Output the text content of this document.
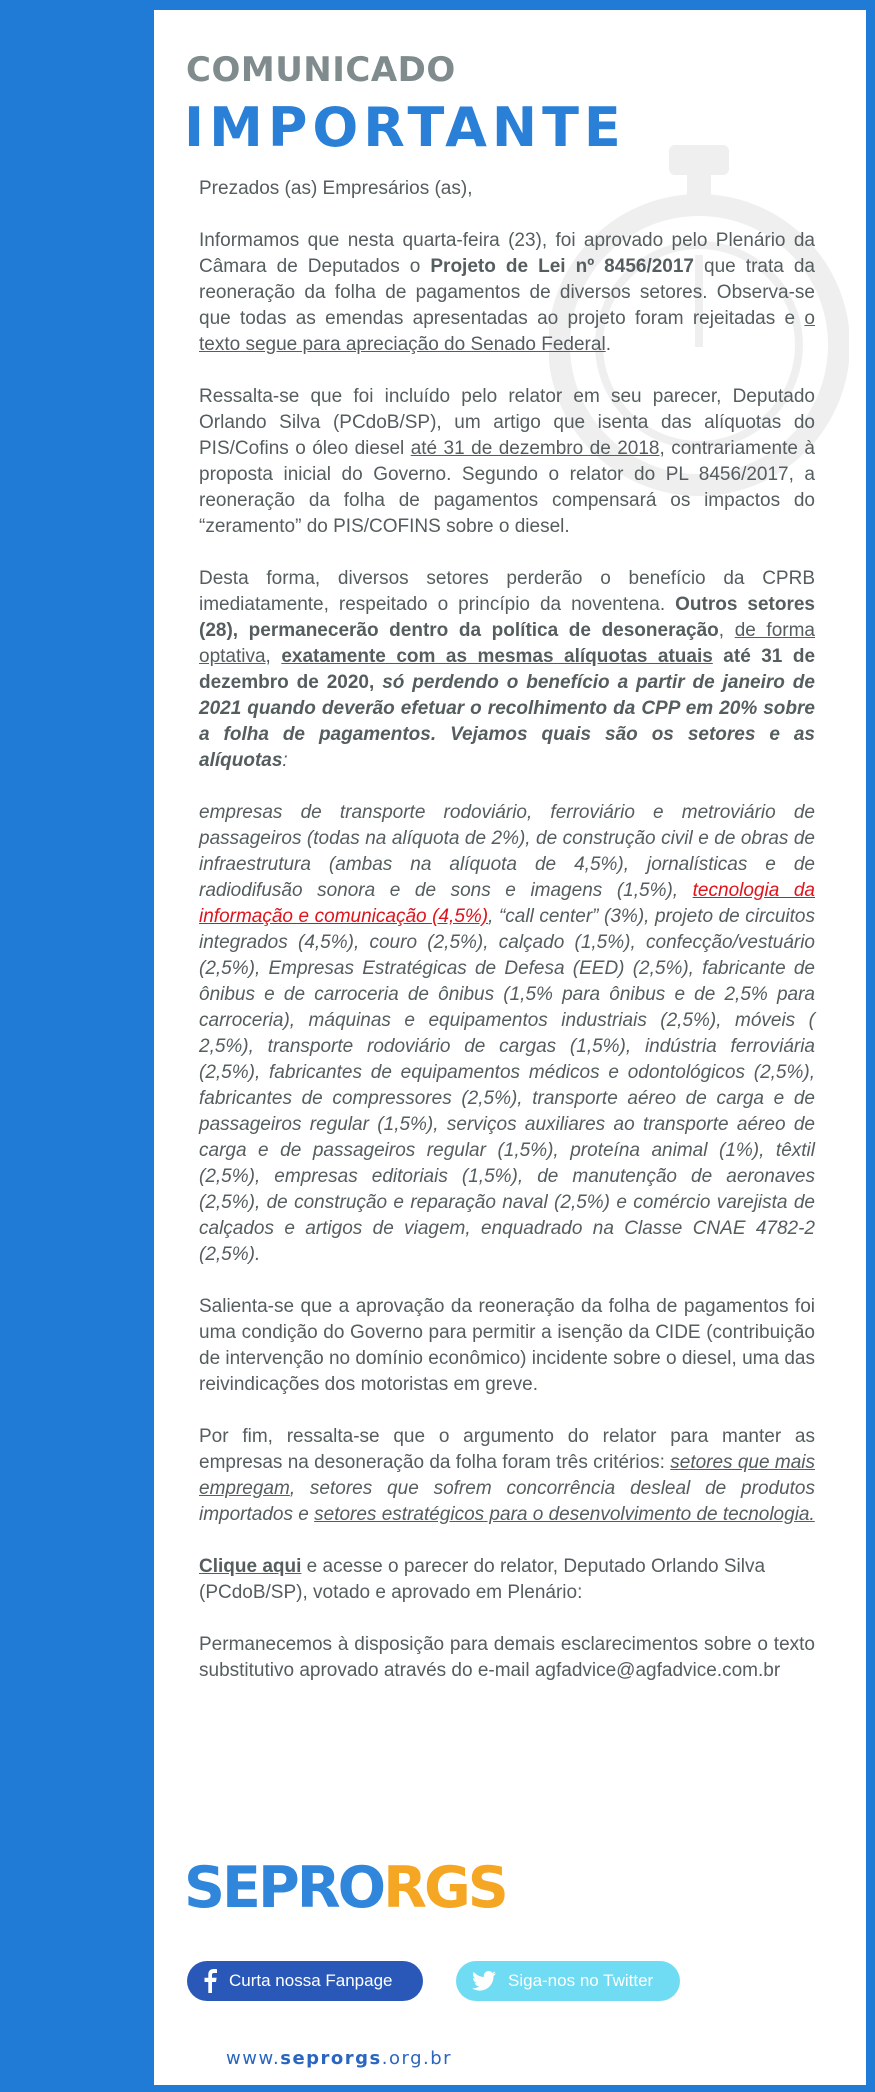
COMUNICADO
IMPORTANTE

Prezados (as) Empresários (as),

Informamos que nesta quarta-feira (23), foi aprovado pelo Plenário da Câmara de Deputados o Projeto de Lei nº 8456/2017 que trata da reoneração da folha de pagamentos de diversos setores. Observa-se que todas as emendas apresentadas ao projeto foram rejeitadas e o texto segue para apreciação do Senado Federal.

Ressalta-se que foi incluído pelo relator em seu parecer, Deputado Orlando Silva (PCdoB/SP), um artigo que isenta das alíquotas do PIS/Cofins o óleo diesel até 31 de dezembro de 2018, contrariamente à proposta inicial do Governo. Segundo o relator do PL 8456/2017, a reoneração da folha de pagamentos compensará os impactos do “zeramento” do PIS/COFINS sobre o diesel.

Desta forma, diversos setores perderão o benefício da CPRB imediatamente, respeitado o princípio da noventena. Outros setores (28), permanecerão dentro da política de desoneração, de forma optativa, exatamente com as mesmas alíquotas atuais até 31 de dezembro de 2020, só perdendo o benefício a partir de janeiro de 2021 quando deverão efetuar o recolhimento da CPP em 20% sobre a folha de pagamentos. Vejamos quais são os setores e as alíquotas:

empresas de transporte rodoviário, ferroviário e metroviário de passageiros (todas na alíquota de 2%), de construção civil e de obras de infraestrutura (ambas na alíquota de 4,5%), jornalísticas e de radiodifusão sonora e de sons e imagens (1,5%), tecnologia da informação e comunicação (4,5%), “call center” (3%), projeto de circuitos integrados (4,5%), couro (2,5%), calçado (1,5%), confecção/vestuário (2,5%), Empresas Estratégicas de Defesa (EED) (2,5%), fabricante de ônibus e de carroceria de ônibus (1,5% para ônibus e de 2,5% para carroceria), máquinas e equipamentos industriais (2,5%), móveis ( 2,5%), transporte rodoviário de cargas (1,5%), indústria ferroviária (2,5%), fabricantes de equipamentos médicos e odontológicos (2,5%), fabricantes de compressores (2,5%), transporte aéreo de carga e de passageiros regular (1,5%), serviços auxiliares ao transporte aéreo de carga e de passageiros regular (1,5%), proteína animal (1%), têxtil (2,5%), empresas editoriais (1,5%), de manutenção de aeronaves (2,5%), de construção e reparação naval (2,5%) e comércio varejista de calçados e artigos de viagem, enquadrado na Classe CNAE 4782-2 (2,5%).

Salienta-se que a aprovação da reoneração da folha de pagamentos foi uma condição do Governo para permitir a isenção da CIDE (contribuição de intervenção no domínio econômico) incidente sobre o diesel, uma das reivindicações dos motoristas em greve.

Por fim, ressalta-se que o argumento do relator para manter as empresas na desoneração da folha foram três critérios: setores que mais empregam, setores que sofrem concorrência desleal de produtos importados e setores estratégicos para o desenvolvimento de tecnologia.

Clique aqui e acesse o parecer do relator, Deputado Orlando Silva (PCdoB/SP), votado e aprovado em Plenário:

Permanecemos à disposição para demais esclarecimentos sobre o texto substitutivo aprovado através do e-mail agfadvice@agfadvice.com.br

SEPRORGS
Curta nossa Fanpage	Siga-nos no Twitter
www.seprorgs.org.br
